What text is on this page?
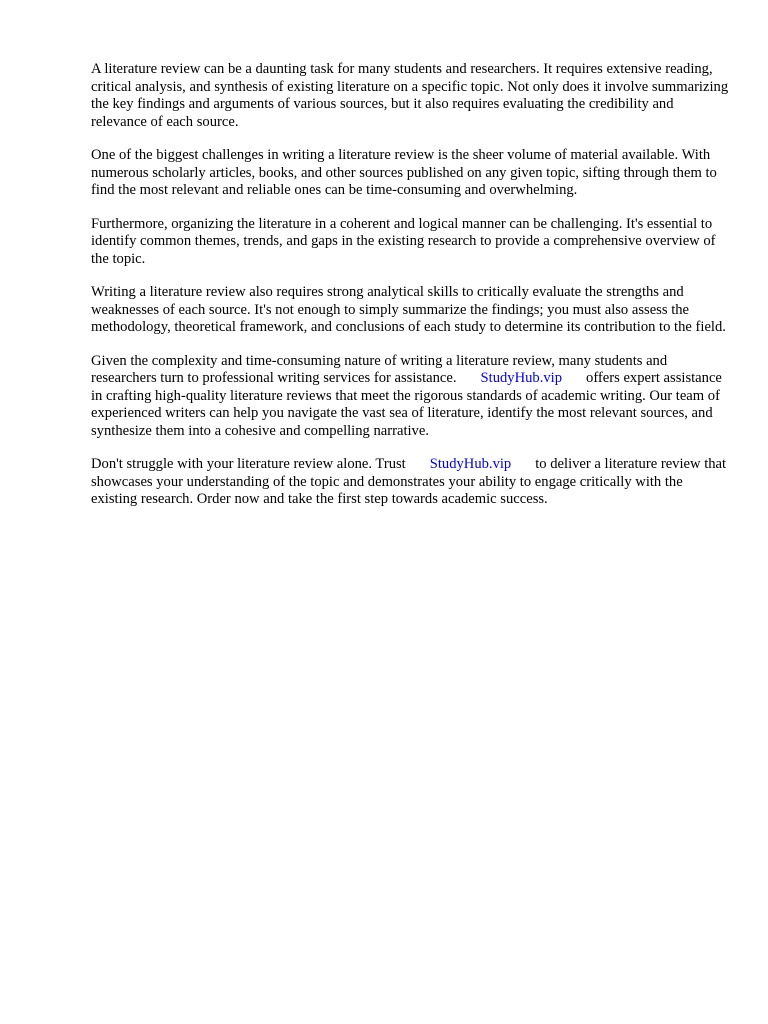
A literature review can be a daunting task for many students and researchers. It requires extensive reading, critical analysis, and synthesis of existing literature on a specific topic. Not only does it involve summarizing the key findings and arguments of various sources, but it also requires evaluating the credibility and relevance of each source.

One of the biggest challenges in writing a literature review is the sheer volume of material available. With numerous scholarly articles, books, and other sources published on any given topic, sifting through them to find the most relevant and reliable ones can be time-consuming and overwhelming.

Furthermore, organizing the literature in a coherent and logical manner can be challenging. It's essential to identify common themes, trends, and gaps in the existing research to provide a comprehensive overview of the topic.

Writing a literature review also requires strong analytical skills to critically evaluate the strengths and weaknesses of each source. It's not enough to simply summarize the findings; you must also assess the methodology, theoretical framework, and conclusions of each study to determine its contribution to the field.

Given the complexity and time-consuming nature of writing a literature review, many students and researchers turn to professional writing services for assistance. StudyHub.vip offers expert assistance in crafting high-quality literature reviews that meet the rigorous standards of academic writing. Our team of experienced writers can help you navigate the vast sea of literature, identify the most relevant sources, and synthesize them into a cohesive and compelling narrative.

Don't struggle with your literature review alone. Trust StudyHub.vip to deliver a literature review that showcases your understanding of the topic and demonstrates your ability to engage critically with the existing research. Order now and take the first step towards academic success.
